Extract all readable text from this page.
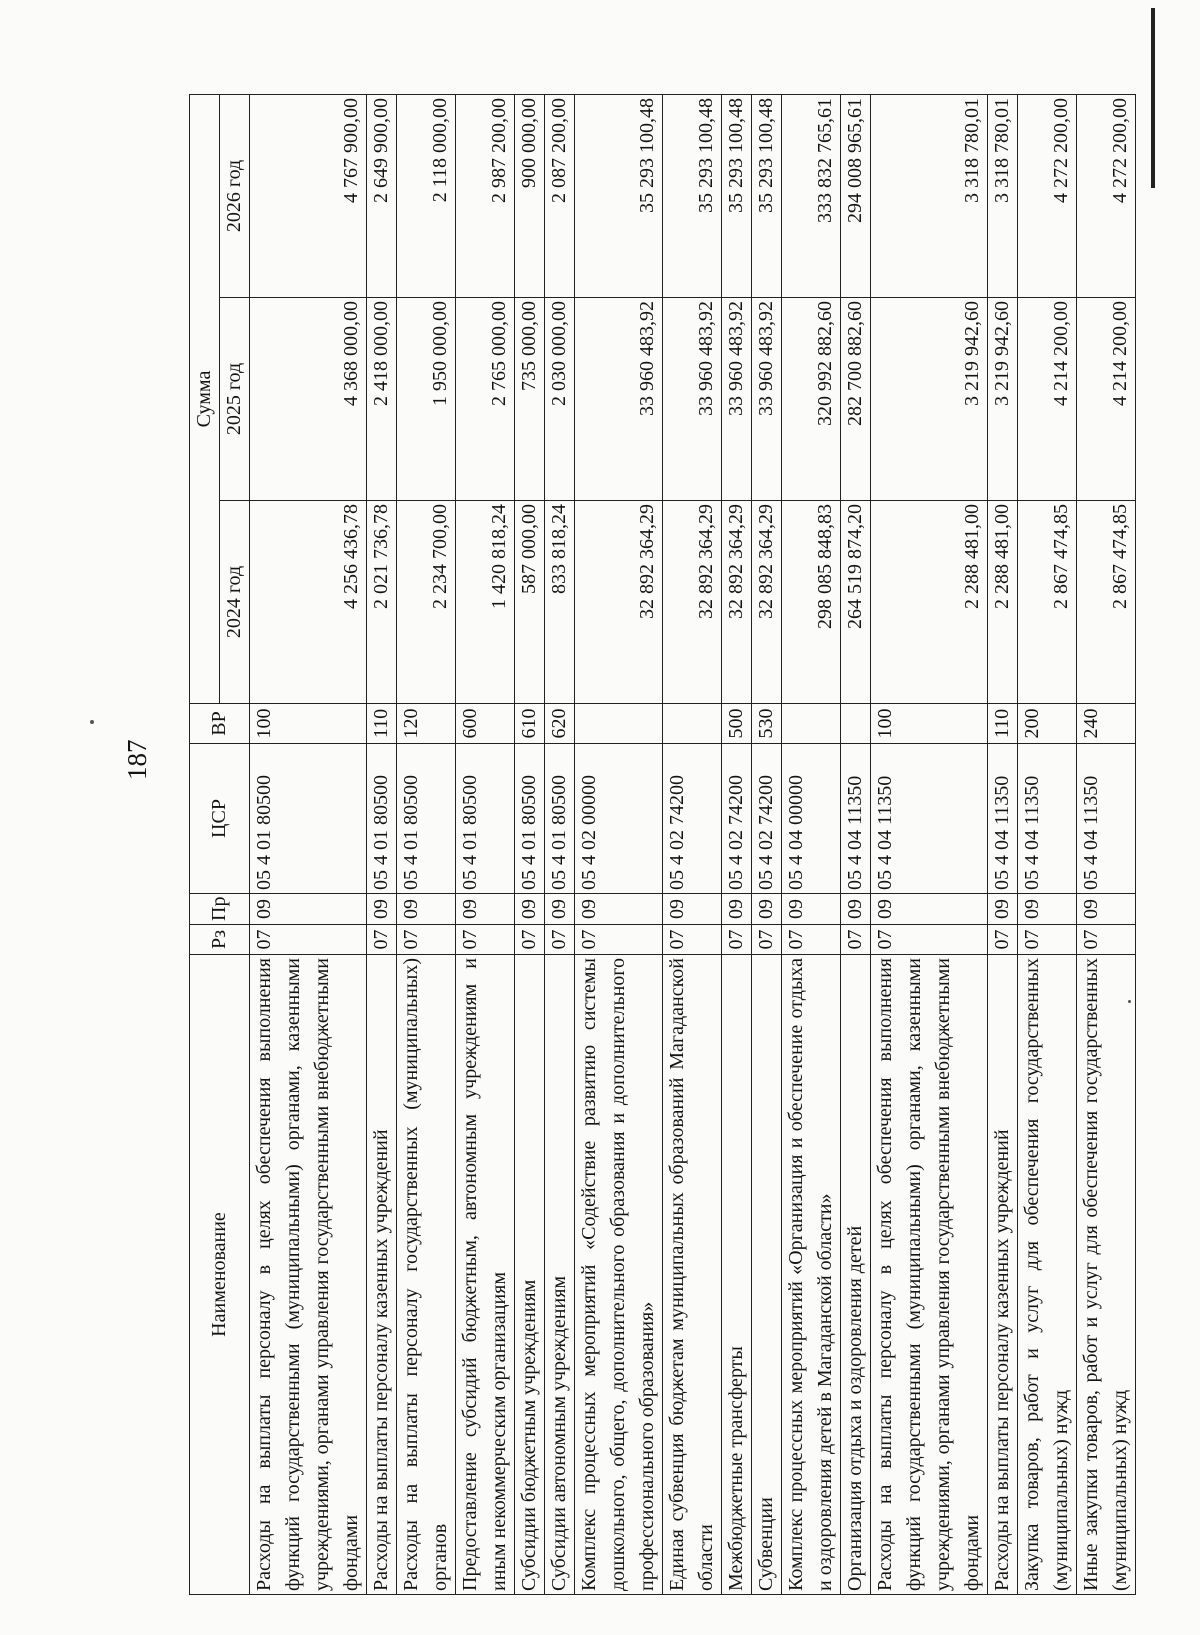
187
Наименование	Рз	Пр	ЦСР	ВР	Сумма		
					2024 год	2025 год	2026 год
Расходы на выплаты персоналу в целях обеспечения выполнения функций государственными (муниципальными) органами, казенными учреждениями, органами управления государственными внебюджетными фондами	07	09	05 4 01 80500	100	4 256 436,78	4 368 000,00	4 767 900,00
Расходы на выплаты персоналу казенных учреждений	07	09	05 4 01 80500	110	2 021 736,78	2 418 000,00	2 649 900,00
Расходы на выплаты персоналу государственных (муниципальных) органов	07	09	05 4 01 80500	120	2 234 700,00	1 950 000,00	2 118 000,00
Предоставление субсидий бюджетным, автономным учреждениям и иным некоммерческим организациям	07	09	05 4 01 80500	600	1 420 818,24	2 765 000,00	2 987 200,00
Субсидии бюджетным учреждениям	07	09	05 4 01 80500	610	587 000,00	735 000,00	900 000,00
Субсидии автономным учреждениям	07	09	05 4 01 80500	620	833 818,24	2 030 000,00	2 087 200,00
Комплекс процессных мероприятий «Содействие развитию системы дошкольного, общего, дополнительного образования и дополнительного профессионального образования»	07	09	05 4 02 00000		32 892 364,29	33 960 483,92	35 293 100,48
Единая субвенция бюджетам муниципальных образований Магаданской области	07	09	05 4 02 74200		32 892 364,29	33 960 483,92	35 293 100,48
Межбюджетные трансферты	07	09	05 4 02 74200	500	32 892 364,29	33 960 483,92	35 293 100,48
Субвенции	07	09	05 4 02 74200	530	32 892 364,29	33 960 483,92	35 293 100,48
Комплекс процессных мероприятий «Организация и обеспечение отдыха и оздоровления детей в Магаданской области»	07	09	05 4 04 00000		298 085 848,83	320 992 882,60	333 832 765,61
Организация отдыха и оздоровления детей	07	09	05 4 04 11350		264 519 874,20	282 700 882,60	294 008 965,61
Расходы на выплаты персоналу в целях обеспечения выполнения функций государственными (муниципальными) органами, казенными учреждениями, органами управления государственными внебюджетными фондами	07	09	05 4 04 11350	100	2 288 481,00	3 219 942,60	3 318 780,01
Расходы на выплаты персоналу казенных учреждений	07	09	05 4 04 11350	110	2 288 481,00	3 219 942,60	3 318 780,01
Закупка товаров, работ и услуг для обеспечения государственных (муниципальных) нужд	07	09	05 4 04 11350	200	2 867 474,85	4 214 200,00	4 272 200,00
Иные закупки товаров, работ и услуг для обеспечения государственных (муниципальных) нужд	07	09	05 4 04 11350	240	2 867 474,85	4 214 200,00	4 272 200,00
